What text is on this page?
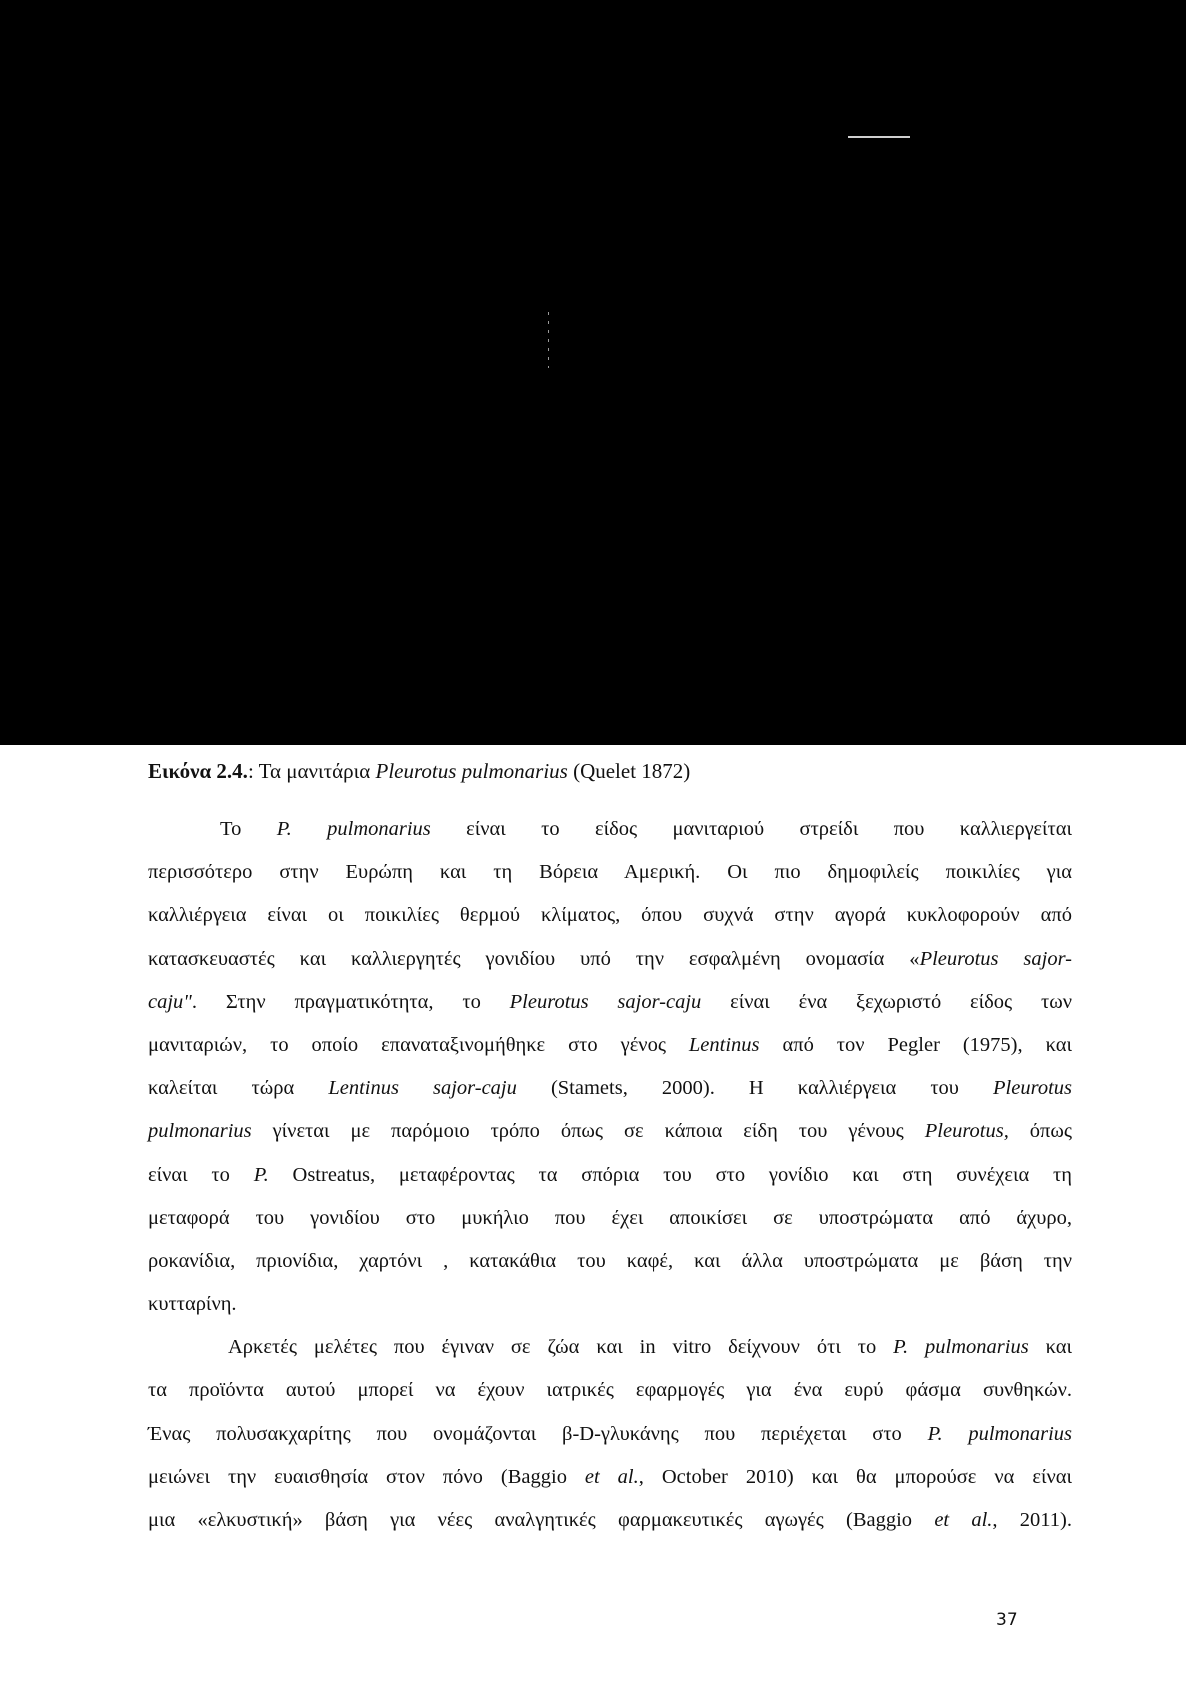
Εικόνα 2.4.: Τα μανιτάρια Pleurotus pulmonarius (Quelet 1872)
Το P. pulmonarius είναι το είδος μανιταριού στρείδι που καλλιεργείται
περισσότερο στην Ευρώπη και τη Βόρεια Αμερική. Οι πιο δημοφιλείς ποικιλίες για
καλλιέργεια είναι οι ποικιλίες θερμού κλίματος, όπου συχνά στην αγορά κυκλοφορούν από
κατασκευαστές και καλλιεργητές γονιδίου υπό την εσφαλμένη ονομασία «Pleurotus sajor-
caju". Στην πραγματικότητα, το Pleurotus sajor-caju είναι ένα ξεχωριστό είδος των
μανιταριών, το οποίο επαναταξινομήθηκε στο γένος Lentinus από τον Pegler (1975), και
καλείται τώρα Lentinus sajor-caju (Stamets, 2000). Η καλλιέργεια του Pleurotus
pulmonarius γίνεται με παρόμοιο τρόπο όπως σε κάποια είδη του γένους Pleurotus, όπως
είναι το P. Ostreatus, μεταφέροντας τα σπόρια του στο γονίδιο και στη συνέχεια τη
μεταφορά του γονιδίου στο μυκήλιο που έχει αποικίσει σε υποστρώματα από άχυρο,
ροκανίδια, πριονίδια, χαρτόνι , κατακάθια του καφέ, και άλλα υποστρώματα με βάση την
κυτταρίνη.
Αρκετές μελέτες που έγιναν σε ζώα και in vitro δείχνουν ότι το P. pulmonarius και
τα προϊόντα αυτού μπορεί να έχουν ιατρικές εφαρμογές για ένα ευρύ φάσμα συνθηκών.
Ένας πολυσακχαρίτης που ονομάζονται β-D-γλυκάνης που περιέχεται στο P. pulmonarius
μειώνει την ευαισθησία στον πόνο (Baggio et al., October 2010) και θα μπορούσε να είναι
μια «ελκυστική» βάση για νέες αναλγητικές φαρμακευτικές αγωγές (Baggio et al., 2011).
37
